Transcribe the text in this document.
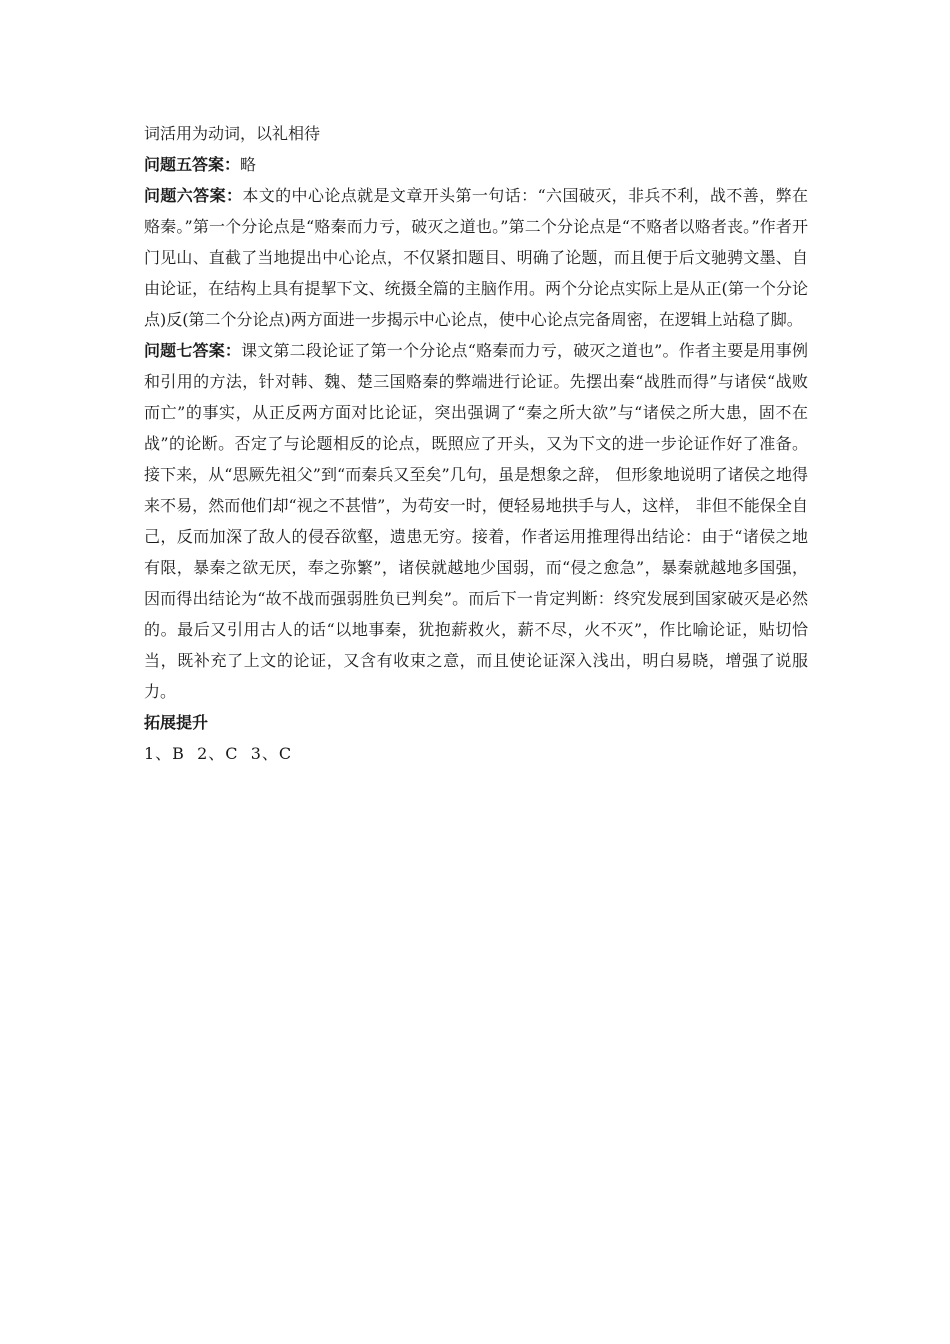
词活用为动词，以礼相待

问题五答案：略

问题六答案：本文的中心论点就是文章开头第一句话：“六国破灭，非兵不利，战不善，弊在赂秦。”第一个分论点是“赂秦而力亏，破灭之道也。”第二个分论点是“不赂者以赂者丧。”作者开门见山、直截了当地提出中心论点，不仅紧扣题目、明确了论题，而且便于后文驰骋文墨、自由论证，在结构上具有提挈下文、统摄全篇的主脑作用。两个分论点实际上是从正(第一个分论点)反(第二个分论点)两方面进一步揭示中心论点，使中心论点完备周密，在逻辑上站稳了脚。

问题七答案：课文第二段论证了第一个分论点“赂秦而力亏，破灭之道也”。作者主要是用事例和引用的方法，针对韩、魏、楚三国赂秦的弊端进行论证。先摆出秦“战胜而得”与诸侯“战败而亡”的事实，从正反两方面对比论证，突出强调了“秦之所大欲”与“诸侯之所大患，固不在战”的论断。否定了与论题相反的论点，既照应了开头，又为下文的进一步论证作好了准备。接下来，从“思厥先祖父”到“而秦兵又至矣”几句，虽是想象之辞， 但形象地说明了诸侯之地得来不易，然而他们却“视之不甚惜”，为苟安一时，便轻易地拱手与人，这样， 非但不能保全自己，反而加深了敌人的侵吞欲壑，遗患无穷。接着，作者运用推理得出结论：由于“诸侯之地有限，暴秦之欲无厌，奉之弥繁”，诸侯就越地少国弱，而“侵之愈急”，暴秦就越地多国强，因而得出结论为“故不战而强弱胜负已判矣”。而后下一肯定判断：终究发展到国家破灭是必然的。最后又引用古人的话“以地事秦，犹抱薪救火，薪不尽，火不灭”，作比喻论证，贴切恰当，既补充了上文的论证，又含有收束之意，而且使论证深入浅出，明白易晓，增强了说服力。

拓展提升

1、B  2、C  3、C
